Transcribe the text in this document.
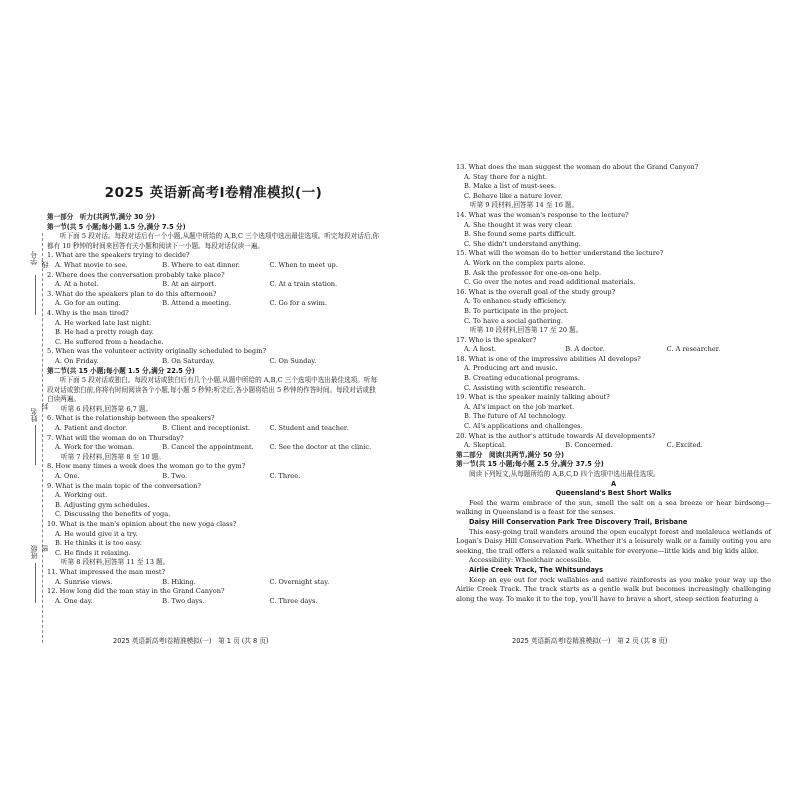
学号 线
姓名
封
班级 密
2025 英语新高考Ⅰ卷精准模拟(一)
第一部分　听力(共两节,满分 30 分)
第一节(共 5 小题;每小题 1.5 分,满分 7.5 分)
听下面 5 段对话。每段对话后有一个小题,从题中所给的 A,B,C 三个选项中选出最佳选项。听完每段对话后,你都有 10 秒钟的时间来回答有关小题和阅读下一小题。每段对话仅读一遍。
1. What are the speakers trying to decide?
A. What movie to see.	B. Where to eat dinner.	C. When to meet up.
2. Where does the conversation probably take place?
A. At a hotel.	B. At an airport.	C. At a train station.
3. What do the speakers plan to do this afternoon?
A. Go for an outing.	B. Attend a meeting.	C. Go for a swim.
4. Why is the man tired?
A. He worked late last night.
B. He had a pretty rough day.
C. He suffered from a headache.
5. When was the volunteer activity originally scheduled to begin?
A. On Friday.	B. On Saturday.	C. On Sunday.
第二节(共 15 小题;每小题 1.5 分,满分 22.5 分)
听下面 5 段对话或独白。每段对话或独白后有几个小题,从题中所给的 A,B,C 三个选项中选出最佳选项。听每段对话或独白前,你将有时间阅读各个小题,每小题 5 秒钟;听完后,各小题将给出 5 秒钟的作答时间。每段对话或独白读两遍。
听第 6 段材料,回答第 6,7 题。
6. What is the relationship between the speakers?
A. Patient and doctor.	B. Client and receptionist.	C. Student and teacher.
7. What will the woman do on Thursday?
A. Work for the woman.	B. Cancel the appointment.	C. See the doctor at the clinic.
听第 7 段材料,回答第 8 至 10 题。
8. How many times a week does the woman go to the gym?
A. One.	B. Two.	C. Three.
9. What is the main topic of the conversation?
A. Working out.
B. Adjusting gym schedules.
C. Discussing the benefits of yoga.
10. What is the man's opinion about the new yoga class?
A. He would give it a try.
B. He thinks it is too easy.
C. He finds it relaxing.
听第 8 段材料,回答第 11 至 13 题。
11. What impressed the man most?
A. Sunrise views.	B. Hiking.	C. Overnight stay.
12. How long did the man stay in the Grand Canyon?
A. One day.	B. Two days.	C. Three days.
13. What does the man suggest the woman do about the Grand Canyon?
A. Stay there for a night.
B. Make a list of must-sees.
C. Behave like a nature lover.
听第 9 段材料,回答第 14 至 16 题。
14. What was the woman's response to the lecture?
A. She thought it was very clear.
B. She found some parts difficult.
C. She didn't understand anything.
15. What will the woman do to better understand the lecture?
A. Work on the complex parts alone.
B. Ask the professor for one-on-one help.
C. Go over the notes and read additional materials.
16. What is the overall goal of the study group?
A. To enhance study efficiency.
B. To participate in the project.
C. To have a social gathering.
听第 10 段材料,回答第 17 至 20 题。
17. Who is the speaker?
A. A host.	B. A doctor.	C. A researcher.
18. What is one of the impressive abilities AI develops?
A. Producing art and music.
B. Creating educational programs.
C. Assisting with scientific research.
19. What is the speaker mainly talking about?
A. AI's impact on the job market.
B. The future of AI technology.
C. AI's applications and challenges.
20. What is the author's attitude towards AI developments?
A. Skeptical.	B. Concerned.	C. Excited.
第二部分　阅读(共两节,满分 50 分)
第一节(共 15 小题;每小题 2.5 分,满分 37.5 分)
阅读下列短文,从每题所给的 A,B,C,D 四个选项中选出最佳选项。
A
Queensland's Best Short Walks
Feel the warm embrace of the sun, smell the salt on a sea breeze or hear birdsong—walking in Queensland is a feast for the senses.
Daisy Hill Conservation Park Tree Discovery Trail, Brisbane
This easy-going trail wanders around the open eucalypt forest and melaleuca wetlands of Logan's Daisy Hill Conservation Park. Whether it's a leisurely walk or a family outing you are seeking, the trail offers a relaxed walk suitable for everyone—little kids and big kids alike.
Accessibility: Wheelchair accessible.
Airlie Creek Track, The Whitsundays
Keep an eye out for rock wallabies and native rainforests as you make your way up the Airlie Creek Track. The track starts as a gentle walk but becomes increasingly challenging along the way. To make it to the top, you'll have to brave a short, steep section featuring a
2025 英语新高考Ⅰ卷精准模拟(一)　第 1 页 (共 8 页)	2025 英语新高考Ⅰ卷精准模拟(一)　第 2 页 (共 8 页)
